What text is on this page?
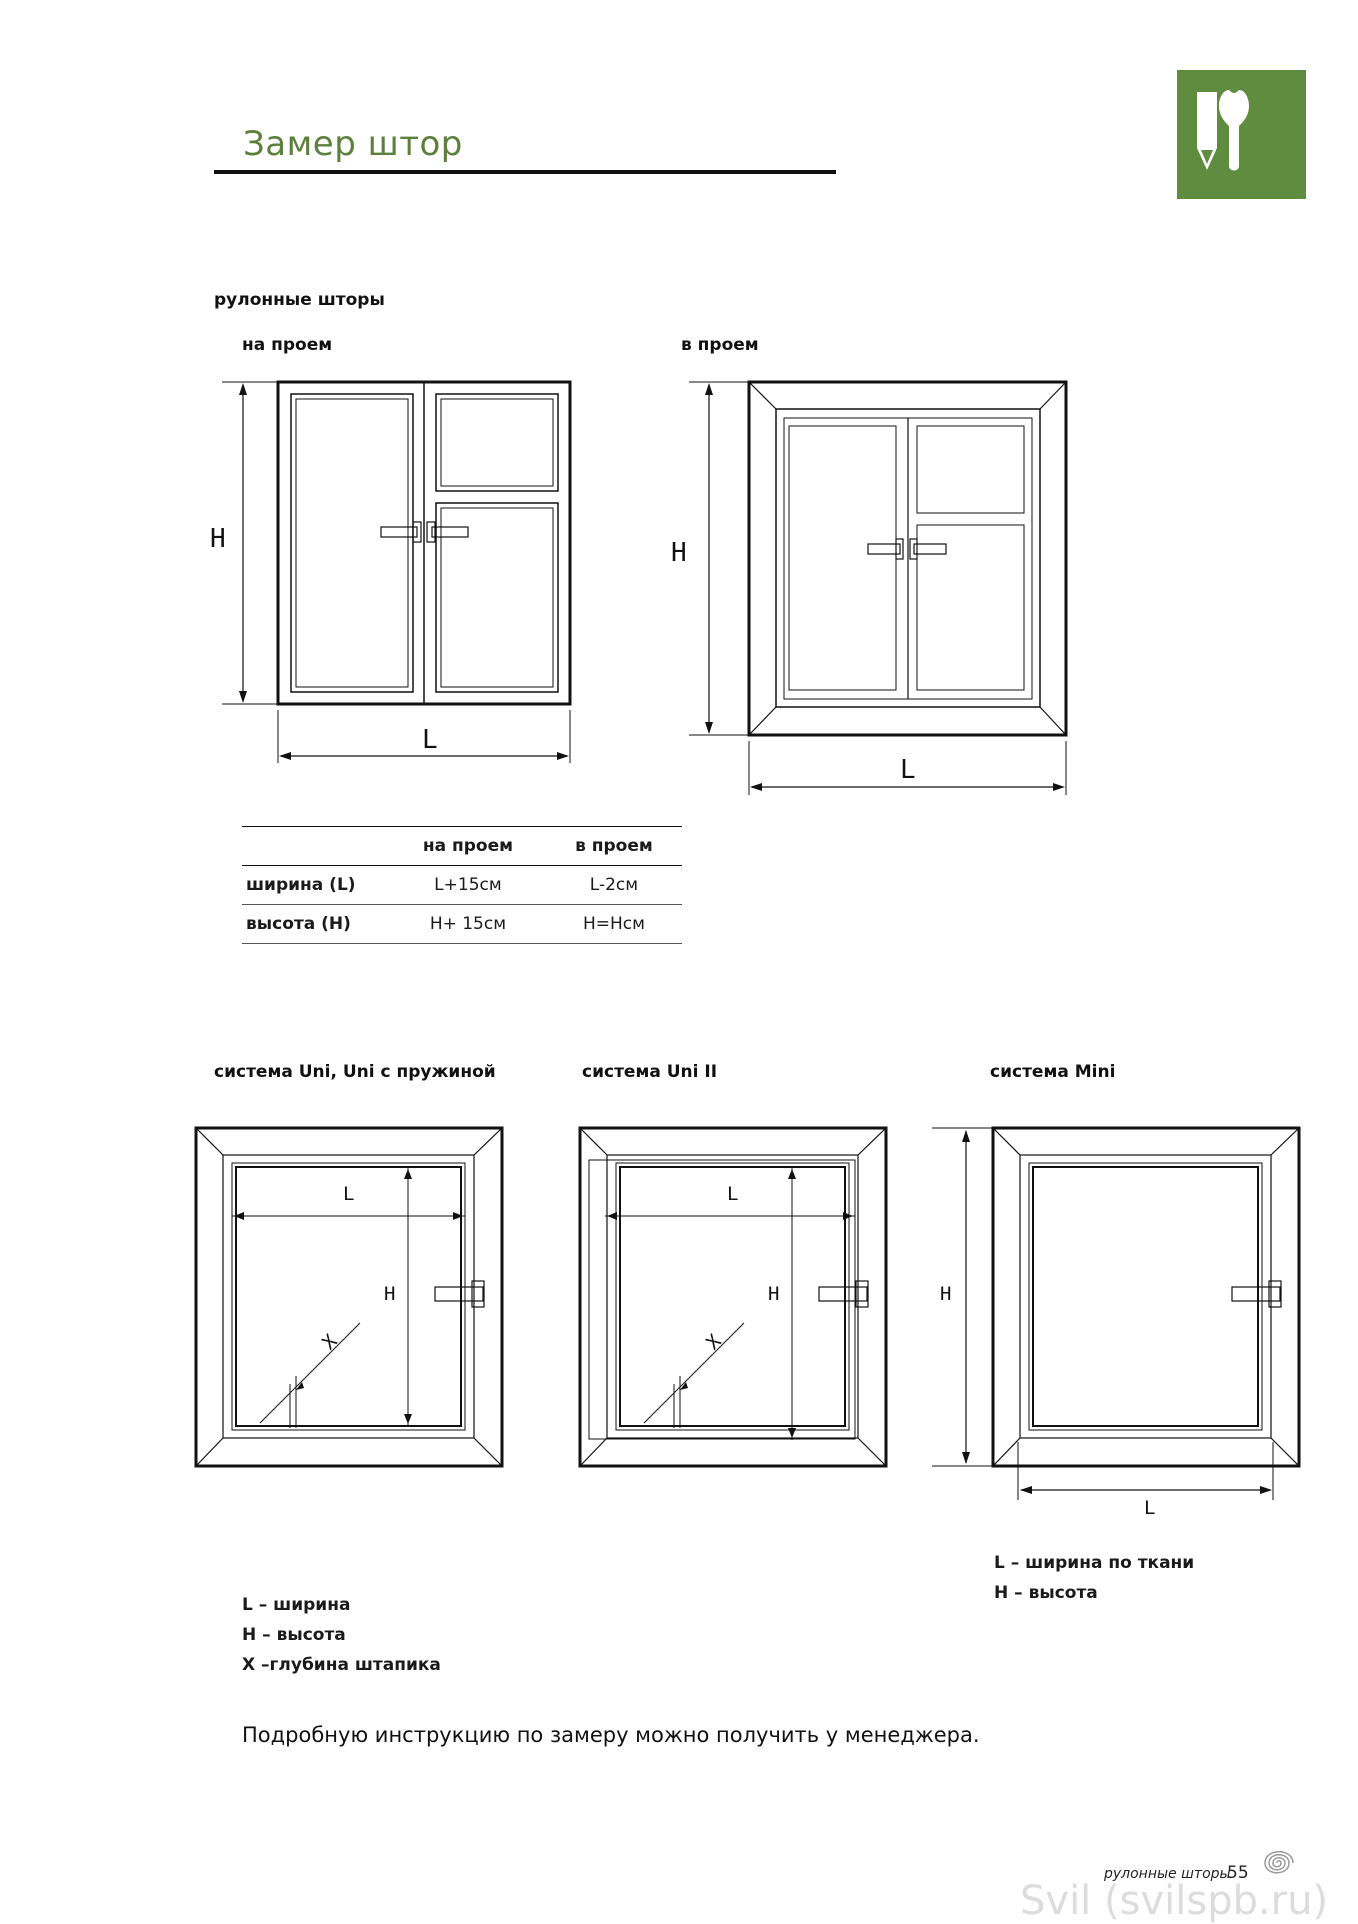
Замер штор
рулонные шторы
на проем	в проем
H
L
H
L
	на проем	в проем
ширина (L)	L+15см	L-2см
высота (H)	H+ 15см	H=Hсм
система Uni, Uni с пружиной	система Uni II	система Mini
L
H
X
L
H
X
H
L
L – ширина
H – высота
X –глубина штапика
L – ширина по ткани
H – высота
Подробную инструкцию по замеру можно получить у менеджера.
Svil (svilspb.ru)
рулонные шторы
55
